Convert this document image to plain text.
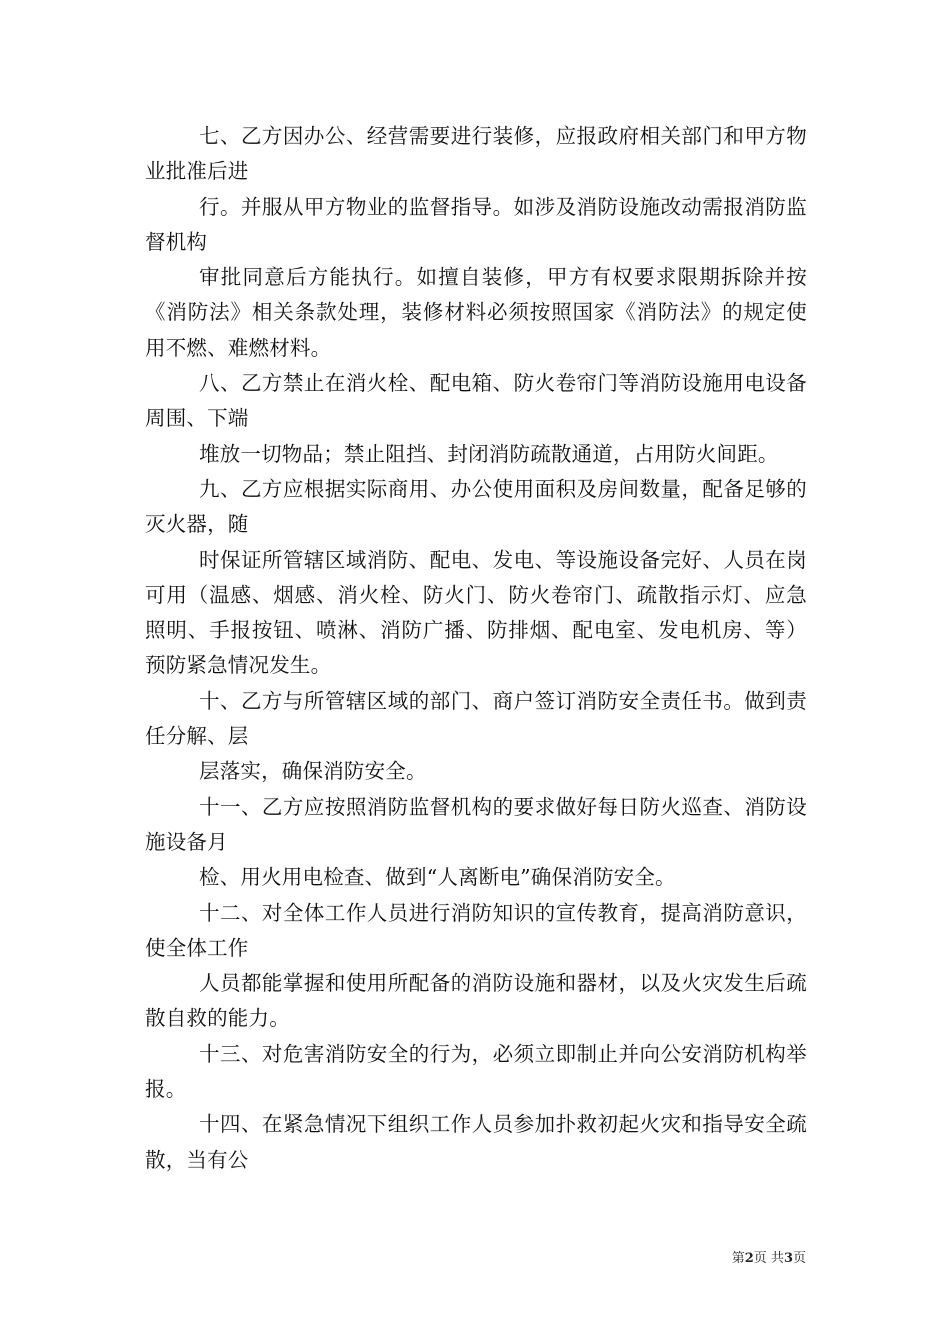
七、乙方因办公、经营需要进行装修，应报政府相关部门和甲方物业批准后进

行。并服从甲方物业的监督指导。如涉及消防设施改动需报消防监督机构

审批同意后方能执行。如擅自装修，甲方有权要求限期拆除并按《消防法》相关条款处理，装修材料必须按照国家《消防法》的规定使用不燃、难燃材料。

八、乙方禁止在消火栓、配电箱、防火卷帘门等消防设施用电设备周围、下端

堆放一切物品；禁止阻挡、封闭消防疏散通道，占用防火间距。

九、乙方应根据实际商用、办公使用面积及房间数量，配备足够的灭火器，随

时保证所管辖区域消防、配电、发电、等设施设备完好、人员在岗可用（温感、烟感、消火栓、防火门、防火卷帘门、疏散指示灯、应急照明、手报按钮、喷淋、消防广播、防排烟、配电室、发电机房、等）预防紧急情况发生。

十、乙方与所管辖区域的部门、商户签订消防安全责任书。做到责任分解、层

层落实，确保消防安全。

十一、乙方应按照消防监督机构的要求做好每日防火巡查、消防设施设备月

检、用火用电检查、做到“人离断电”确保消防安全。

十二、对全体工作人员进行消防知识的宣传教育，提高消防意识，使全体工作

人员都能掌握和使用所配备的消防设施和器材，以及火灾发生后疏散自救的能力。

十三、对危害消防安全的行为，必须立即制止并向公安消防机构举报。

十四、在紧急情况下组织工作人员参加扑救初起火灾和指导安全疏散，当有公

第2页 共3页
